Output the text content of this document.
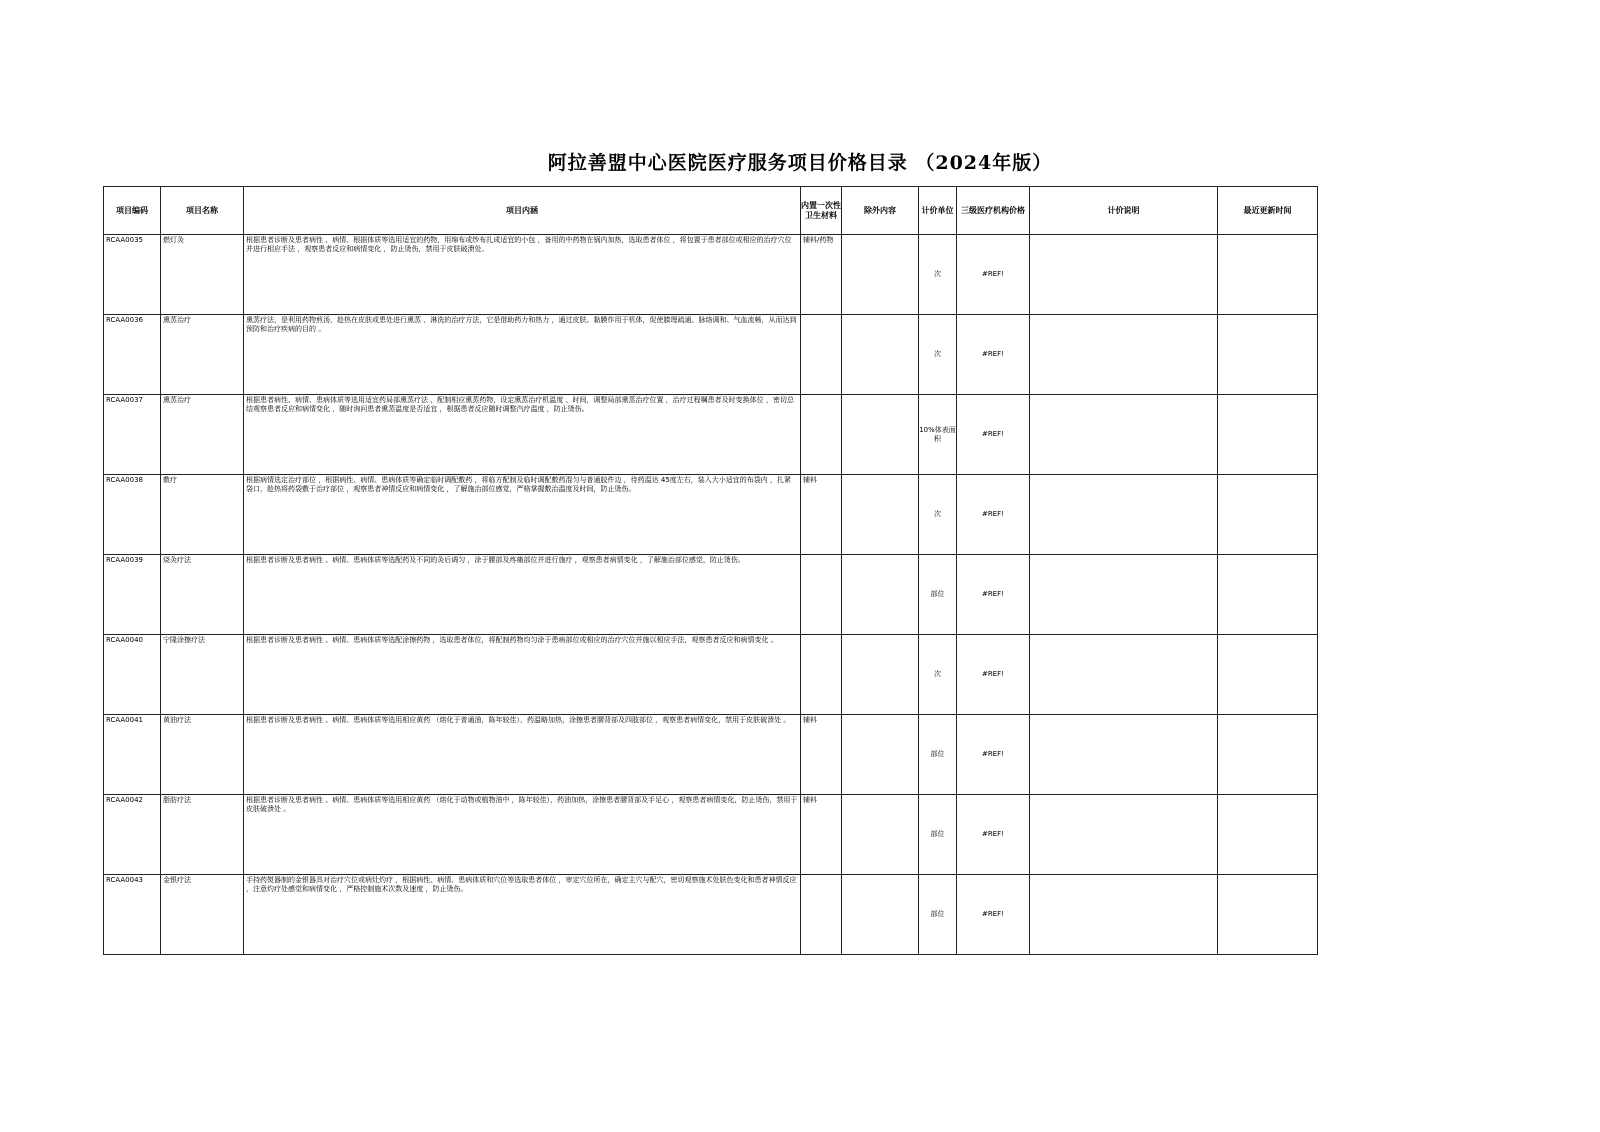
阿拉善盟中心医院医疗服务项目价格目录 （2024年版）
项目编码	项目名称	项目内涵	内置一次性卫生材料	除外内容	计价单位	三级医疗机构价格	计价说明	最近更新时间
RCAA0035	燃灯灸	根据患者诊断及患者病性 、病情、根据体质等选用适宜的药物，用绵布或纱布扎成适宜的小包 ，备用的中药物在锅内加热，选取患者体位 ，将包置于患者部位或相应的治疗穴位并进行相应手法 ，观察患者反应和病情变化 ，防止烫伤，禁用于皮肤破溃处。	辅料/药物		次	#REF!		
RCAA0036	熏蒸治疗	熏蒸疗法，是利用药物煎汤，趁热在皮肤或患处进行熏蒸 、淋洗的治疗方法，它是借助药力和热力 ，通过皮肤、黏膜作用于机体，促使腠理疏通、脉络调和、气血流畅，从而达到预防和治疗疾病的目的 。			次	#REF!		
RCAA0037	熏蒸治疗	根据患者病性、病情、患病体质等选用适宜药局部熏蒸疗法 ，配制相应熏蒸药物，设定熏蒸治疗机温度 、时间，调整局部熏蒸治疗位置 ，治疗过程嘱患者及时变换体位 ，密切总结观察患者反应和病情变化 ，随时询问患者熏蒸温度是否适宜 ，根据患者反应随时调整汽疗温度 ，防止烫伤。			10%体表面积	#REF!		
RCAA0038	敷疗	根据病情选定治疗部位 ，根据病性、病情、患病体质等确定临时调配敷药 ，将临方配制及临时调配敷药混匀与普通胶件边 ，待药温达 45度左右，装入大小适宜的布袋内 ，扎紧袋口，趁热将药袋敷于治疗部位 ，观察患者神情反应和病情变化 ，了解施治部位感觉，严格掌握敷治温度及时间，防止烫伤。	辅料		次	#REF!		
RCAA0039	烧灸疗法	根据患者诊断及患者病性 、病情、患病体质等选配药及不同的灸后调匀 ，涂于腰部及疼痛部位并进行施疗 ，观察患者病情变化 ，了解施治部位感觉，防止烫伤。			部位	#REF!		
RCAA0040	宁隆涂擦疗法	根据患者诊断及患者病性 、病情、患病体质等选配涂擦药物 ，选取患者体位，将配制药物均匀涂于患病部位或相应的治疗穴位并施以相应手法，观察患者反应和病情变化 。			次	#REF!		
RCAA0041	黄油疗法	根据患者诊断及患者病性 、病情、患病体质等选用相应黄药 （熔化于普通油，陈年较佳），药温略加热，涂擦患者腰背部及四肢部位 ，观察患者病情变化，禁用于皮肤破溃处 。	辅料		部位	#REF!		
RCAA0042	脂肪疗法	根据患者诊断及患者病性 、病情、患病体质等选用相应黄药 （熔化于动物或植物油中 ，陈年较佳），药油加热，涂擦患者腰背部及手足心 ，观察患者病情变化，防止烫伤，禁用于皮肤破溃处 。	辅料		部位	#REF!		
RCAA0043	金银疗法	手持药熨器制的金银器具对治疗穴位或病灶灼疗 ，根据病性、病情、患病体质和穴位等选取患者体位 ，审定穴位所在，确定主穴与配穴，密切观察施术处肤色变化和患者神情反应 ，注意灼疗处感觉和病情变化 ，严格控制施术次数及速度 ，防止烫伤。			部位	#REF!		
